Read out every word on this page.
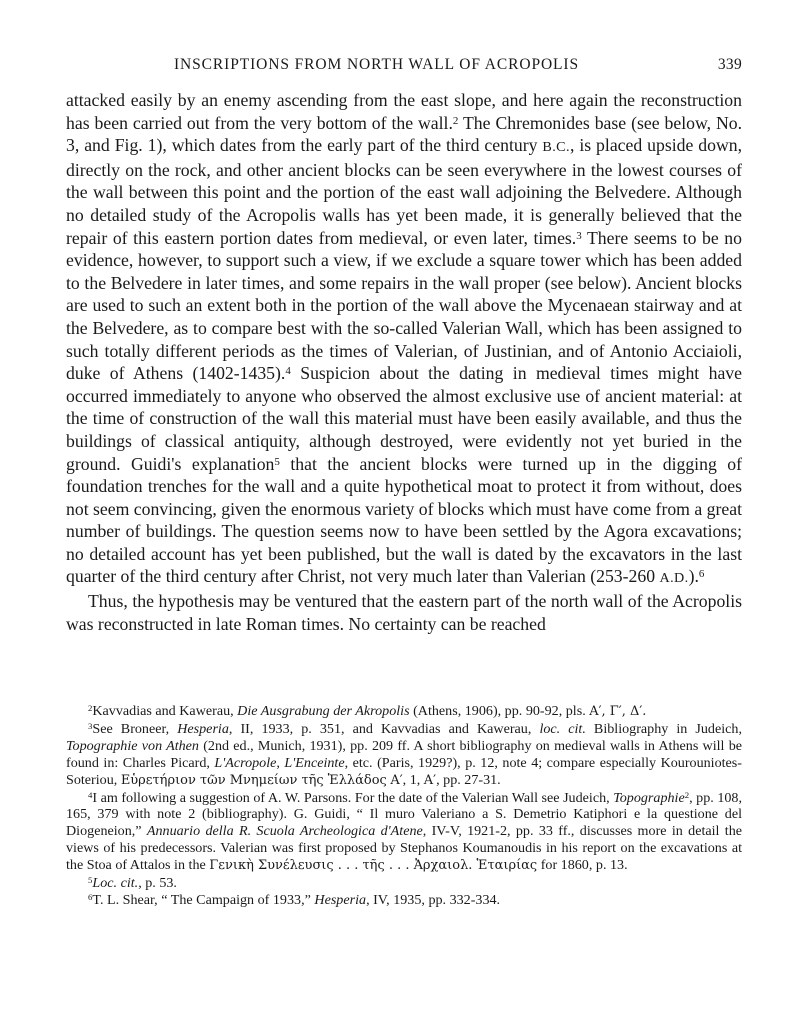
INSCRIPTIONS FROM NORTH WALL OF ACROPOLIS	339

attacked easily by an enemy ascending from the east slope, and here again the reconstruction has been carried out from the very bottom of the wall.$^2$ The Chremonides base (see below, No. 3, and Fig. 1), which dates from the early part of the third century B.C., is placed upside down, directly on the rock, and other ancient blocks can be seen everywhere in the lowest courses of the wall between this point and the portion of the east wall adjoining the Belvedere. Although no detailed study of the Acropolis walls has yet been made, it is generally believed that the repair of this eastern portion dates from medieval, or even later, times.$^3$ There seems to be no evidence, however, to support such a view, if we exclude a square tower which has been added to the Belvedere in later times, and some repairs in the wall proper (see below). Ancient blocks are used to such an extent both in the portion of the wall above the Mycenaean stairway and at the Belvedere, as to compare best with the so-called Valerian Wall, which has been assigned to such totally different periods as the times of Valerian, of Justinian, and of Antonio Acciaioli, duke of Athens (1402-1435).$^4$ Suspicion about the dating in medieval times might have occurred immediately to anyone who observed the almost exclusive use of ancient material: at the time of construction of the wall this material must have been easily available, and thus the buildings of classical antiquity, although destroyed, were evidently not yet buried in the ground. Guidi's explanation$^5$ that the ancient blocks were turned up in the digging of foundation trenches for the wall and a quite hypothetical moat to protect it from without, does not seem convincing, given the enormous variety of blocks which must have come from a great number of buildings. The question seems now to have been settled by the Agora excavations; no detailed account has yet been published, but the wall is dated by the excavators in the last quarter of the third century after Christ, not very much later than Valerian (253-260 A.D.).$^6$

Thus, the hypothesis may be ventured that the eastern part of the north wall of the Acropolis was reconstructed in late Roman times. No certainty can be reached

$^2$Kavvadias and Kawerau, Die Ausgrabung der Akropolis (Athens, 1906), pp. 90-92, pls. Α′, Γ′, Δ′.

$^3$See Broneer, Hesperia, II, 1933, p. 351, and Kavvadias and Kawerau, loc. cit. Bibliography in Judeich, Topographie von Athen (2nd ed., Munich, 1931), pp. 209 ff. A short bibliography on medieval walls in Athens will be found in: Charles Picard, L'Acropole, L'Enceinte, etc. (Paris, 1929?), p. 12, note 4; compare especially Kourouniotes-Soteriou, Εὑρετήριον τῶν Μνημείων τῆς Ἑλλάδος Α′, 1, Α′, pp. 27-31.

$^4$I am following a suggestion of A. W. Parsons. For the date of the Valerian Wall see Judeich, Topographie$^2$, pp. 108, 165, 379 with note 2 (bibliography). G. Guidi, “ Il muro Valeriano a S. Demetrio Katiphori e la questione del Diogeneion,” Annuario della R. Scuola Archeologica d'Atene, IV-V, 1921-2, pp. 33 ff., discusses more in detail the views of his predecessors. Valerian was first proposed by Stephanos Koumanoudis in his report on the excavations at the Stoa of Attalos in the Γενικὴ Συνέλευσις . . . τῆς . . . Ἀρχαιολ. Ἑταιρίας for 1860, p. 13.

$^5$Loc. cit., p. 53.

$^6$T. L. Shear, “ The Campaign of 1933,” Hesperia, IV, 1935, pp. 332-334.
